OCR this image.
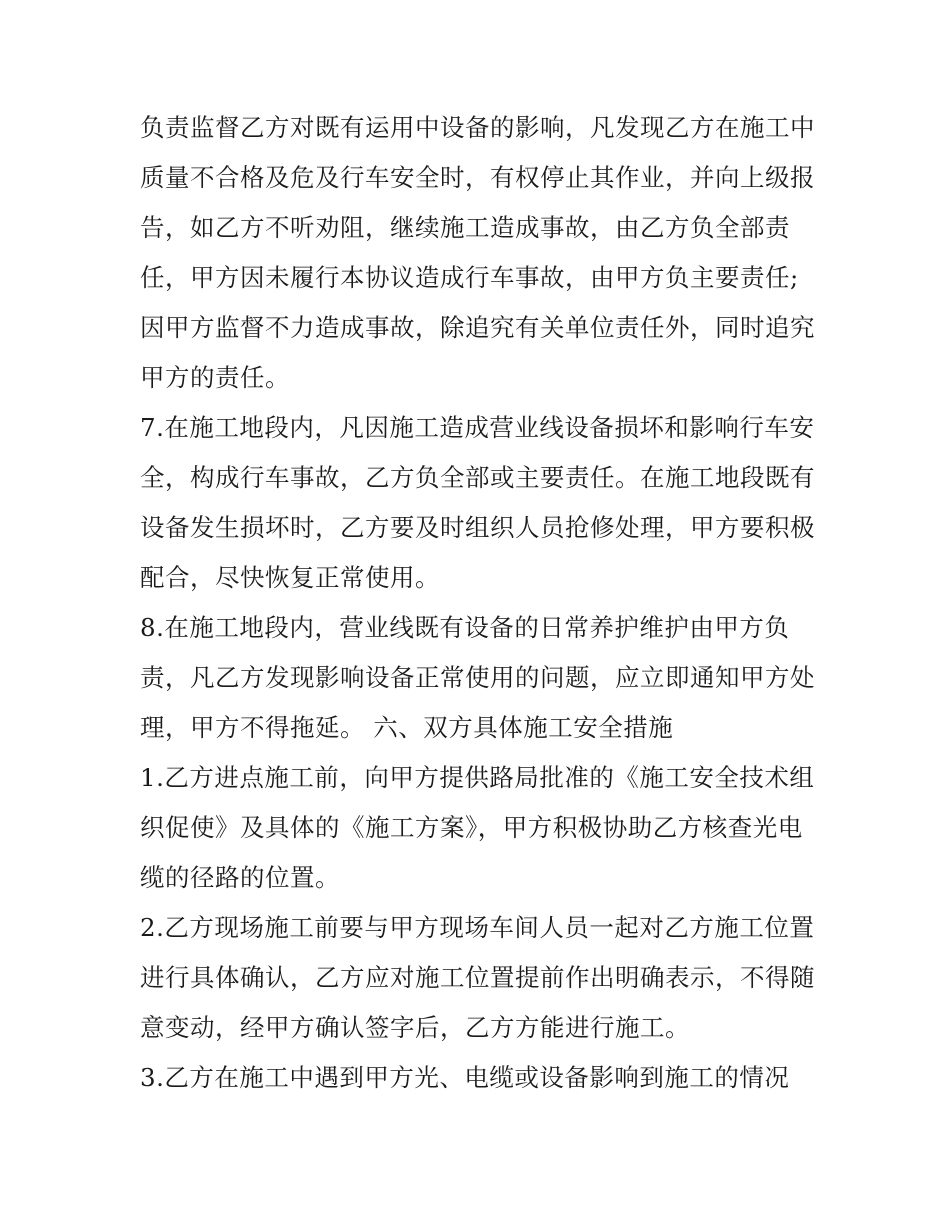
负责监督乙方对既有运用中设备的影响，凡发现乙方在施工中
质量不合格及危及行车安全时，有权停止其作业，并向上级报
告，如乙方不听劝阻，继续施工造成事故，由乙方负全部责
任，甲方因未履行本协议造成行车事故，由甲方负主要责任;
因甲方监督不力造成事故，除追究有关单位责任外，同时追究
甲方的责任。
7.在施工地段内，凡因施工造成营业线设备损坏和影响行车安
全，构成行车事故，乙方负全部或主要责任。在施工地段既有
设备发生损坏时，乙方要及时组织人员抢修处理，甲方要积极
配合，尽快恢复正常使用。
8.在施工地段内，营业线既有设备的日常养护维护由甲方负
责，凡乙方发现影响设备正常使用的问题，应立即通知甲方处
理，甲方不得拖延。 六、双方具体施工安全措施
1.乙方进点施工前，向甲方提供路局批准的《施工安全技术组
织促使》及具体的《施工方案》，甲方积极协助乙方核查光电
缆的径路的位置。
2.乙方现场施工前要与甲方现场车间人员一起对乙方施工位置
进行具体确认，乙方应对施工位置提前作出明确表示，不得随
意变动，经甲方确认签字后，乙方方能进行施工。
3.乙方在施工中遇到甲方光、电缆或设备影响到施工的情况
